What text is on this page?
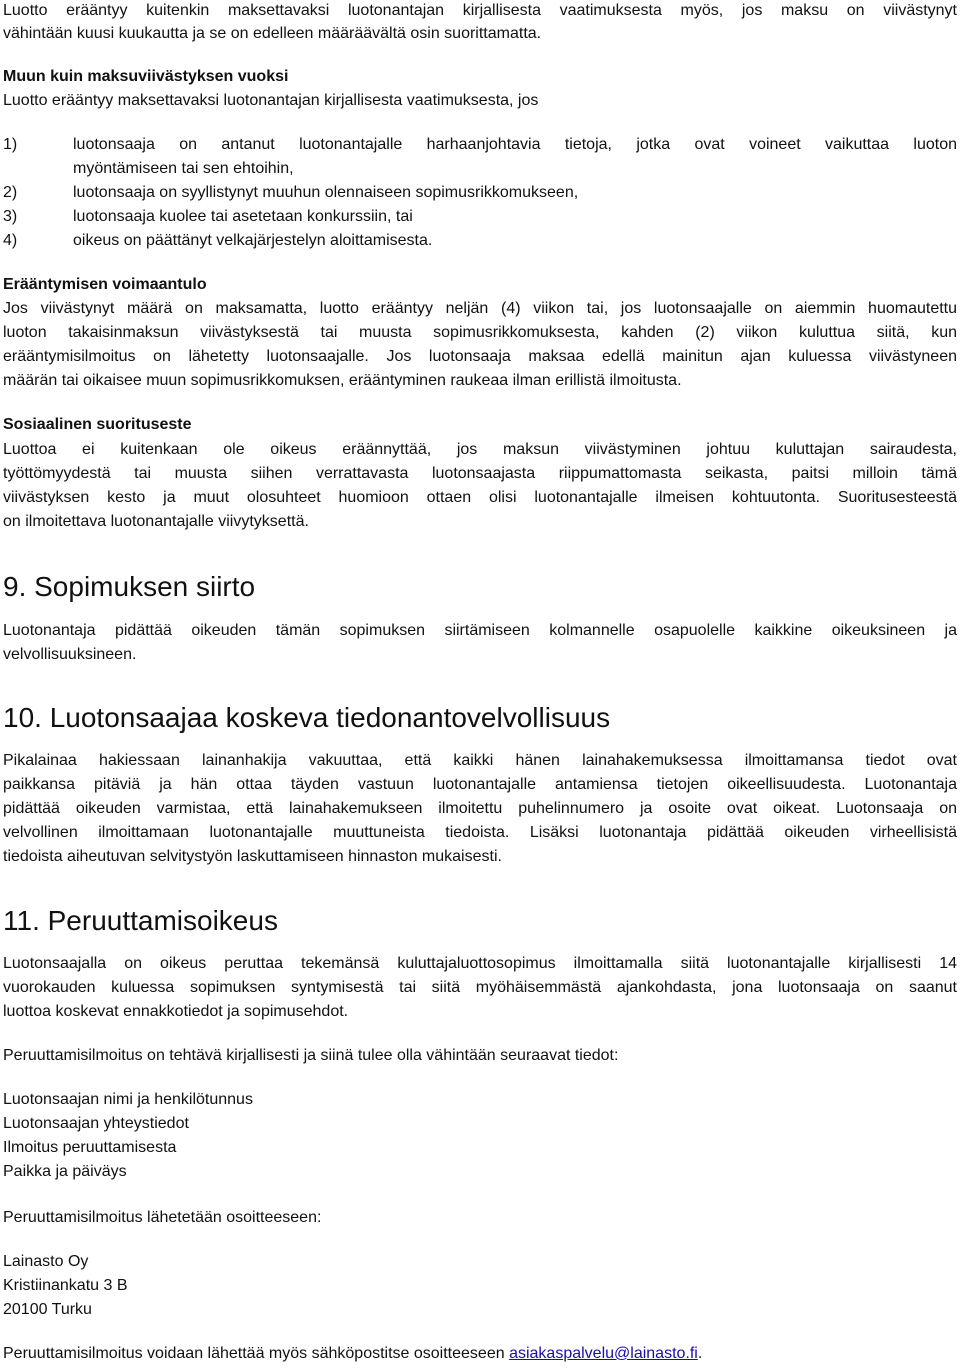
Luotto erääntyy kuitenkin maksettavaksi luotonantajan kirjallisesta vaatimuksesta myös, jos maksu on viivästynyt
vähintään kuusi kuukautta ja se on edelleen määräävältä osin suorittamatta.
Muun kuin maksuviivästyksen vuoksi
Luotto erääntyy maksettavaksi luotonantajan kirjallisesta vaatimuksesta, jos
1)	luotonsaaja on antanut luotonantajalle harhaanjohtavia tietoja, jotka ovat voineet vaikuttaa luoton
myöntämiseen tai sen ehtoihin,
2)	luotonsaaja on syyllistynyt muuhun olennaiseen sopimusrikkomukseen,
3)	luotonsaaja kuolee tai asetetaan konkurssiin, tai
4)	oikeus on päättänyt velkajärjestelyn aloittamisesta.
Erääntymisen voimaantulo
Jos viivästynyt määrä on maksamatta, luotto erääntyy neljän (4) viikon tai, jos luotonsaajalle on aiemmin huomautettu
luoton takaisinmaksun viivästyksestä tai muusta sopimusrikkomuksesta, kahden (2) viikon kuluttua siitä, kun
erääntymisilmoitus on lähetetty luotonsaajalle. Jos luotonsaaja maksaa edellä mainitun ajan kuluessa viivästyneen
määrän tai oikaisee muun sopimusrikkomuksen, erääntyminen raukeaa ilman erillistä ilmoitusta.
Sosiaalinen suorituseste
Luottoa ei kuitenkaan ole oikeus eräännyttää, jos maksun viivästyminen johtuu kuluttajan sairaudesta,
työttömyydestä tai muusta siihen verrattavasta luotonsaajasta riippumattomasta seikasta, paitsi milloin tämä
viivästyksen kesto ja muut olosuhteet huomioon ottaen olisi luotonantajalle ilmeisen kohtuutonta. Suoritusesteestä
on ilmoitettava luotonantajalle viivytyksettä.
9. Sopimuksen siirto
Luotonantaja pidättää oikeuden tämän sopimuksen siirtämiseen kolmannelle osapuolelle kaikkine oikeuksineen ja
velvollisuuksineen.
10. Luotonsaajaa koskeva tiedonantovelvollisuus
Pikalainaa hakiessaan lainanhakija vakuuttaa, että kaikki hänen lainahakemuksessa ilmoittamansa tiedot ovat
paikkansa pitäviä ja hän ottaa täyden vastuun luotonantajalle antamiensa tietojen oikeellisuudesta. Luotonantaja
pidättää oikeuden varmistaa, että lainahakemukseen ilmoitettu puhelinnumero ja osoite ovat oikeat. Luotonsaaja on
velvollinen ilmoittamaan luotonantajalle muuttuneista tiedoista. Lisäksi luotonantaja pidättää oikeuden virheellisistä
tiedoista aiheutuvan selvitystyön laskuttamiseen hinnaston mukaisesti.
11. Peruuttamisoikeus
Luotonsaajalla on oikeus peruttaa tekemänsä kuluttajaluottosopimus ilmoittamalla siitä luotonantajalle kirjallisesti 14
vuorokauden kuluessa sopimuksen syntymisestä tai siitä myöhäisemmästä ajankohdasta, jona luotonsaaja on saanut
luottoa koskevat ennakkotiedot ja sopimusehdot.
Peruuttamisilmoitus on tehtävä kirjallisesti ja siinä tulee olla vähintään seuraavat tiedot:
Luotonsaajan nimi ja henkilötunnus
Luotonsaajan yhteystiedot
Ilmoitus peruuttamisesta
Paikka ja päiväys
Peruuttamisilmoitus lähetetään osoitteeseen:
Lainasto Oy
Kristiinankatu 3 B
20100 Turku
Peruuttamisilmoitus voidaan lähettää myös sähköpostitse osoitteeseen asiakaspalvelu@lainasto.fi.
